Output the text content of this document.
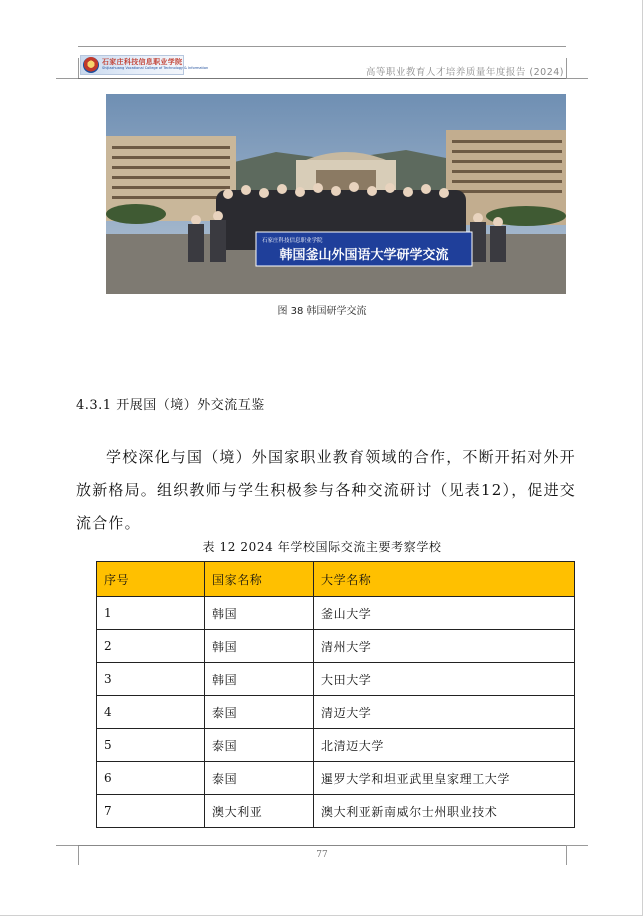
石家庄科技信息职业学院
Shijiazhuang Vocational College of Technology & Information	高等职业教育人才培养质量年度报告 (2024)
石家庄科技信息职业学院
韩国釜山外国语大学研学交流
图 38 韩国研学交流
4.3.1 开展国（境）外交流互鉴

学校深化与国（境）外国家职业教育领域的合作，不断开拓对外开放新格局。组织教师与学生积极参与各种交流研讨（见表12），促进交流合作。

表 12 2024 年学校国际交流主要考察学校
序号	国家名称	大学名称
1	韩国	釜山大学
2	韩国	清州大学
3	韩国	大田大学
4	泰国	清迈大学
5	泰国	北清迈大学
6	泰国	暹罗大学和坦亚武里皇家理工大学
7	澳大利亚	澳大利亚新南威尔士州职业技术
77
